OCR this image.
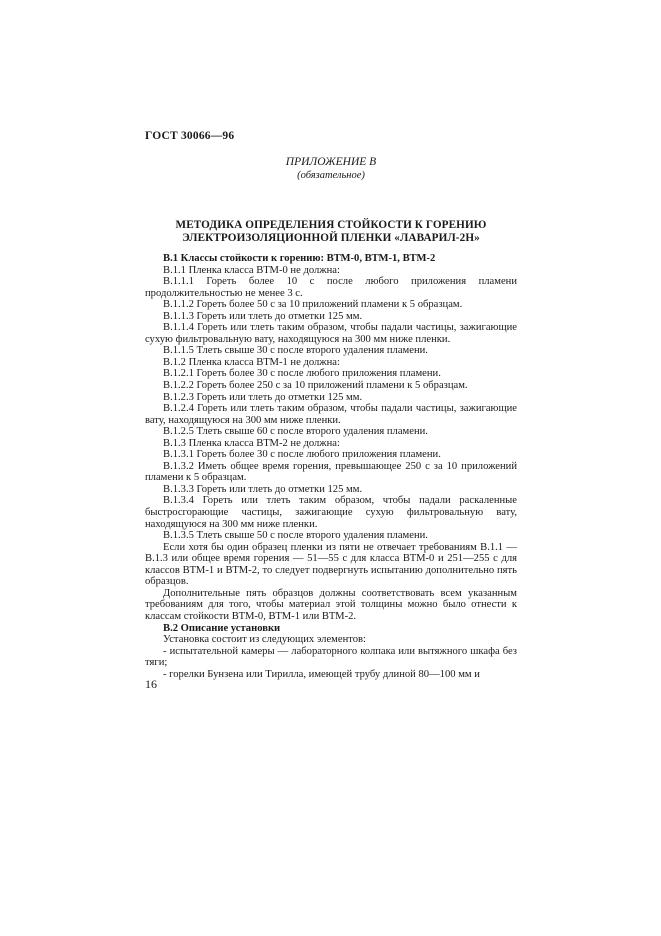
ГОСТ 30066—96
ПРИЛОЖЕНИЕ В
(обязательное)
МЕТОДИКА ОПРЕДЕЛЕНИЯ СТОЙКОСТИ К ГОРЕНИЮ
ЭЛЕКТРОИЗОЛЯЦИОННОЙ ПЛЕНКИ «ЛАВАРИЛ-2Н»

В.1 Классы стойкости к горению: ВТМ-0, ВТМ-1, ВТМ-2

В.1.1 Пленка класса ВТМ-0 не должна:

В.1.1.1 Гореть более 10 с после любого приложения пламени продолжительностью не менее 3 с.

В.1.1.2 Гореть более 50 с за 10 приложений пламени к 5 образцам.

В.1.1.3 Гореть или тлеть до отметки 125 мм.

В.1.1.4 Гореть или тлеть таким образом, чтобы падали частицы, зажигающие сухую фильтровальную вату, находящуюся на 300 мм ниже пленки.

В.1.1.5 Тлеть свыше 30 с после второго удаления пламени.

В.1.2 Пленка класса ВТМ-1 не должна:

В.1.2.1 Гореть более 30 с после любого приложения пламени.

В.1.2.2 Гореть более 250 с за 10 приложений пламени к 5 образцам.

В.1.2.3 Гореть или тлеть до отметки 125 мм.

В.1.2.4 Гореть или тлеть таким образом, чтобы падали частицы, зажигающие вату, находящуюся на 300 мм ниже пленки.

В.1.2.5 Тлеть свыше 60 с после второго удаления пламени.

В.1.3 Пленка класса ВТМ-2 не должна:

В.1.3.1 Гореть более 30 с после любого приложения пламени.

В.1.3.2 Иметь общее время горения, превышающее 250 с за 10 приложений пламени к 5 образцам.

В.1.3.3 Гореть или тлеть до отметки 125 мм.

В.1.3.4 Гореть или тлеть таким образом, чтобы падали раскаленные быстросгорающие частицы, зажигающие сухую фильтровальную вату, находящуюся на 300 мм ниже пленки.

В.1.3.5 Тлеть свыше 50 с после второго удаления пламени.

Если хотя бы один образец пленки из пяти не отвечает требованиям В.1.1 — В.1.3 или общее время горения — 51—55 с для класса ВТМ-0 и 251—255 с для классов ВТМ-1 и ВТМ-2, то следует подвергнуть испытанию дополнительно пять образцов.

Дополнительные пять образцов должны соответствовать всем указанным требованиям для того, чтобы материал этой толщины можно было отнести к классам стойкости ВТМ-0, ВТМ-1 или ВТМ-2.

В.2 Описание установки

Установка состоит из следующих элементов:

- испытательной камеры — лабораторного колпака или вытяжного шкафа без тяги;

- горелки Бунзена или Тирилла, имеющей трубу длиной 80—100 мм и

16
